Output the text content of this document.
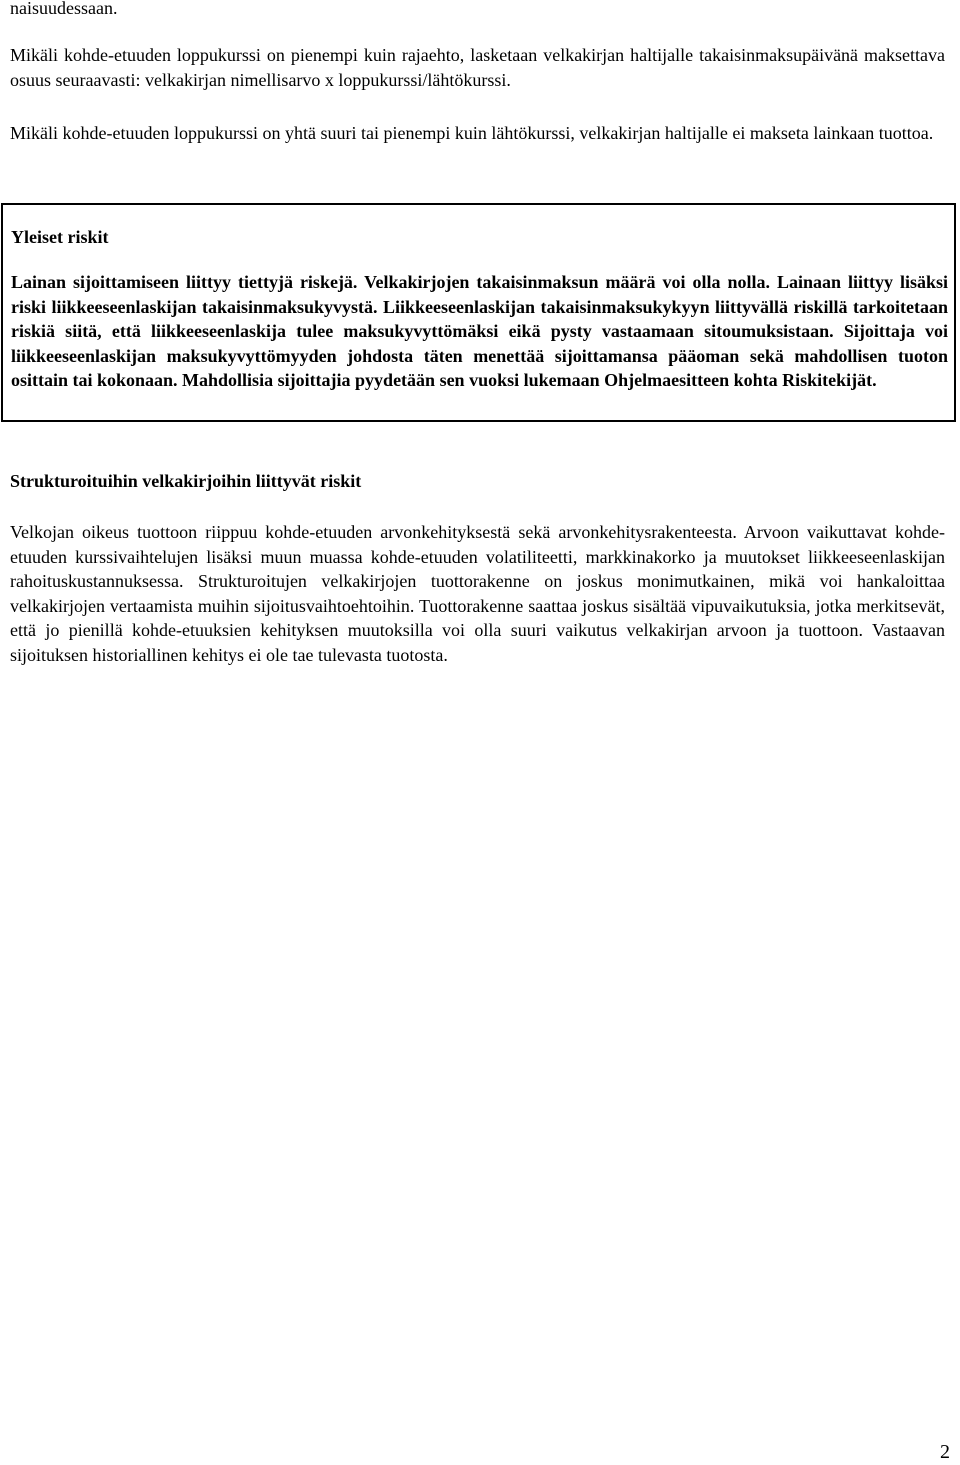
naisuudessaan.

Mikäli kohde-etuuden loppukurssi on pienempi kuin rajaehto, lasketaan velkakirjan haltijalle takaisinmaksupäivänä maksettava osuus seuraavasti: velkakirjan nimellisarvo x loppukurssi/lähtökurssi.

Mikäli kohde-etuuden loppukurssi on yhtä suuri tai pienempi kuin lähtökurssi, velkakirjan haltijalle ei makseta lainkaan tuottoa.

Yleiset riskit

Lainan sijoittamiseen liittyy tiettyjä riskejä. Velkakirjojen takaisinmaksun määrä voi olla nolla. Lainaan liittyy lisäksi riski liikkeeseenlaskijan takaisinmaksukyvystä. Liikkeeseenlaskijan takaisinmaksukykyyn liittyvällä riskillä tarkoitetaan riskiä siitä, että liikkeeseenlaskija tulee maksukyvyttömäksi eikä pysty vastaamaan sitoumuksistaan. Sijoittaja voi liikkeeseenlaskijan maksukyvyttömyyden johdosta täten menettää sijoittamansa pääoman sekä mahdollisen tuoton osittain tai kokonaan. Mahdollisia sijoittajia pyydetään sen vuoksi lukemaan Ohjelmaesitteen kohta Riskitekijät.

Strukturoituihin velkakirjoihin liittyvät riskit

Velkojan oikeus tuottoon riippuu kohde-etuuden arvonkehityksestä sekä arvonkehitysrakenteesta. Arvoon vaikuttavat kohde-etuuden kurssivaihtelujen lisäksi muun muassa kohde-etuuden volatiliteetti, markkinakorko ja muutokset liikkeeseenlaskijan rahoituskustannuksessa. Strukturoitujen velkakirjojen tuottorakenne on joskus monimutkainen, mikä voi hankaloittaa velkakirjojen vertaamista muihin sijoitusvaihtoehtoihin. Tuottorakenne saattaa joskus sisältää vipuvaikutuksia, jotka merkitsevät, että jo pienillä kohde-etuuksien kehityksen muutoksilla voi olla suuri vaikutus velkakirjan arvoon ja tuottoon. Vastaavan sijoituksen historiallinen kehitys ei ole tae tulevasta tuotosta.

2
